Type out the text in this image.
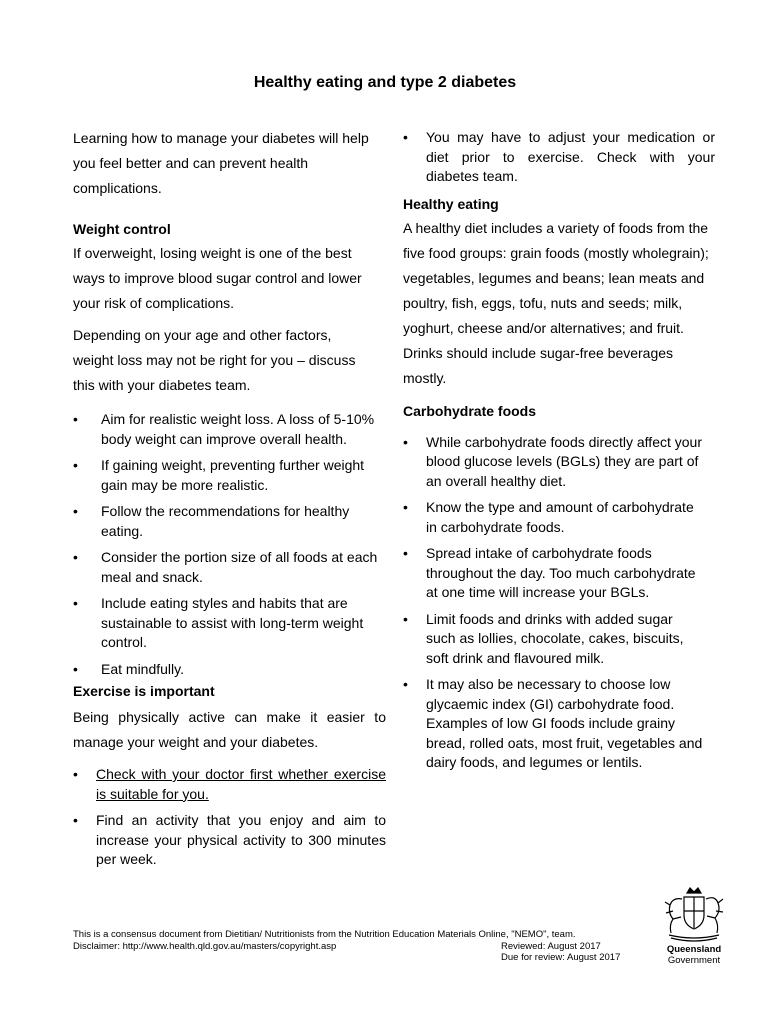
Healthy eating and type 2 diabetes

Learning how to manage your diabetes will help you feel better and can prevent health complications.

Weight control

If overweight, losing weight is one of the best ways to improve blood sugar control and lower your risk of complications.

Depending on your age and other factors, weight loss may not be right for you – discuss this with your diabetes team.

• Aim for realistic weight loss. A loss of 5-10% body weight can improve overall health.
• If gaining weight, preventing further weight gain may be more realistic.
• Follow the recommendations for healthy eating.
• Consider the portion size of all foods at each meal and snack.
• Include eating styles and habits that are sustainable to assist with long-term weight control.
• Eat mindfully.

Exercise is important

Being physically active can make it easier to manage your weight and your diabetes.

• Check with your doctor first whether exercise is suitable for you.
• Find an activity that you enjoy and aim to increase your physical activity to 300 minutes per week.
• You may have to adjust your medication or diet prior to exercise. Check with your diabetes team.

Healthy eating

A healthy diet includes a variety of foods from the five food groups: grain foods (mostly wholegrain); vegetables, legumes and beans; lean meats and poultry, fish, eggs, tofu, nuts and seeds; milk, yoghurt, cheese and/or alternatives; and fruit. Drinks should include sugar-free beverages mostly.

Carbohydrate foods

• While carbohydrate foods directly affect your blood glucose levels (BGLs) they are part of an overall healthy diet.
• Know the type and amount of carbohydrate in carbohydrate foods.
• Spread intake of carbohydrate foods throughout the day. Too much carbohydrate at one time will increase your BGLs.
• Limit foods and drinks with added sugar such as lollies, chocolate, cakes, biscuits, soft drink and flavoured milk.
• It may also be necessary to choose low glycaemic index (GI) carbohydrate food. Examples of low GI foods include grainy bread, rolled oats, most fruit, vegetables and dairy foods, and legumes or lentils.
This is a consensus document from Dietitian/ Nutritionists from the Nutrition Education Materials Online, "NEMO", team.
Disclaimer: http://www.health.qld.gov.au/masters/copyright.asp	Reviewed: August 2017
Due for review: August 2017
Queensland
Government
